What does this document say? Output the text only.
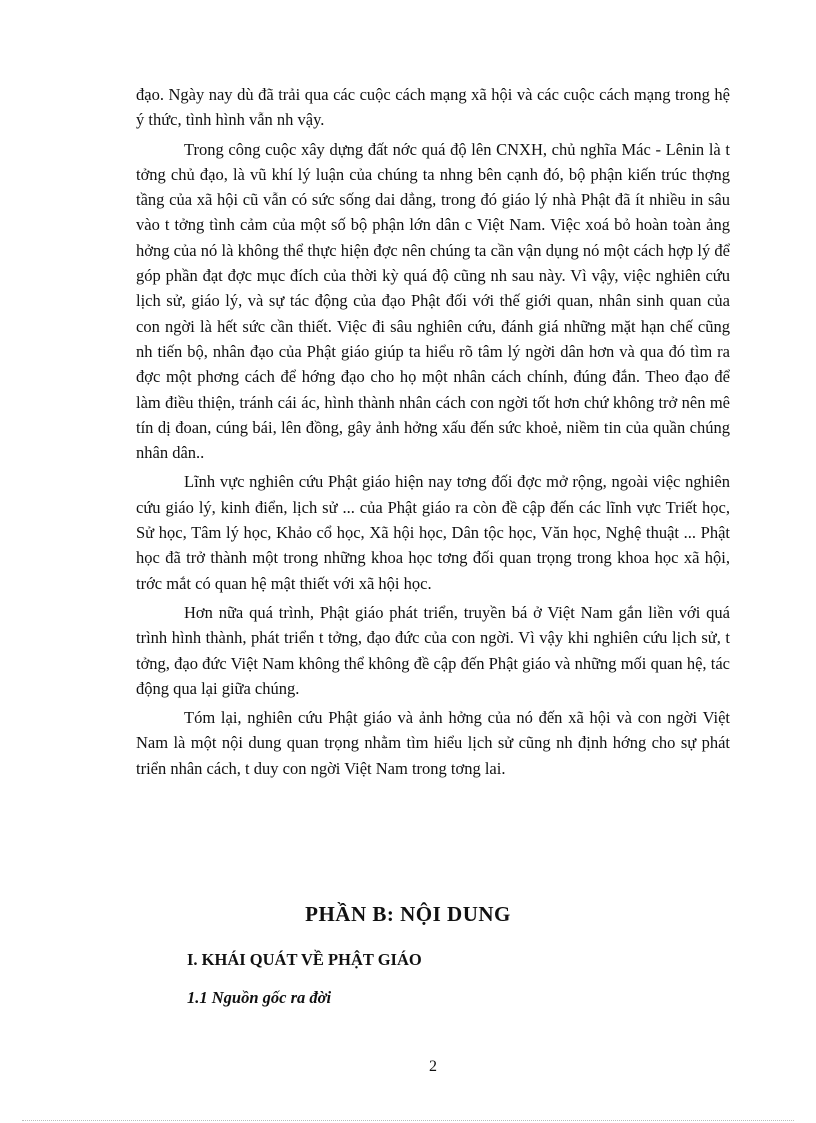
đạo. Ngày nay dù đã trải qua các cuộc cách mạng xã hội và các cuộc cách mạng trong hệ ý thức, tình hình vẫn nh vậy.

Trong công cuộc xây dựng đất nớc quá độ lên CNXH, chủ nghĩa Mác - Lênin là t tởng chủ đạo, là vũ khí lý luận của chúng ta nhng bên cạnh đó, bộ phận kiến trúc thợng tầng của xã hội cũ vẫn có sức sống dai dẳng, trong đó giáo lý nhà Phật đã ít nhiều in sâu vào t tởng tình cảm của một số bộ phận lớn dân c Việt Nam. Việc xoá bỏ hoàn toàn ảng hởng của nó là không thể thực hiện đợc nên chúng ta cần vận dụng nó một cách hợp lý để góp phần đạt đợc mục đích của thời kỳ quá độ cũng nh sau này. Vì vậy, việc nghiên cứu lịch sử, giáo lý, và sự tác động của đạo Phật đối với thế giới quan, nhân sinh quan của con ngời là hết sức cần thiết. Việc đi sâu nghiên cứu, đánh giá những mặt hạn chế cũng nh tiến bộ, nhân đạo của Phật giáo giúp ta hiểu rõ tâm lý ngời dân hơn và qua đó tìm ra đợc một phơng cách để hớng đạo cho họ một nhân cách chính, đúng đắn. Theo đạo để làm điều thiện, tránh cái ác, hình thành nhân cách con ngời tốt hơn chứ không trở nên mê tín dị đoan, cúng bái, lên đồng, gây ảnh hởng xấu đến sức khoẻ, niềm tin của quần chúng nhân dân..

Lĩnh vực nghiên cứu Phật giáo hiện nay tơng đối đợc mở rộng, ngoài việc nghiên cứu giáo lý, kinh điển, lịch sử ... của Phật giáo ra còn đề cập đến các lĩnh vực Triết học, Sử học, Tâm lý học, Khảo cổ học, Xã hội học, Dân tộc học, Văn học, Nghệ thuật ... Phật học đã trở thành một trong những khoa học tơng đối quan trọng trong khoa học xã hội, trớc mắt có quan hệ mật thiết với xã hội học.

Hơn nữa quá trình, Phật giáo phát triển, truyền bá ở Việt Nam gắn liền với quá trình hình thành, phát triển t tởng, đạo đức của con ngời. Vì vậy khi nghiên cứu lịch sử, t tởng, đạo đức Việt Nam không thể không đề cập đến Phật giáo và những mối quan hệ, tác động qua lại giữa chúng.

Tóm lại, nghiên cứu Phật giáo và ảnh hởng của nó đến xã hội và con ngời Việt Nam là một nội dung quan trọng nhằm tìm hiểu lịch sử cũng nh định hớng cho sự phát triển nhân cách, t duy con ngời Việt Nam trong tơng lai.

PHẦN B: NỘI DUNG
I. KHÁI QUÁT VỀ PHẬT GIÁO
1.1 Nguồn gốc ra đời
2
